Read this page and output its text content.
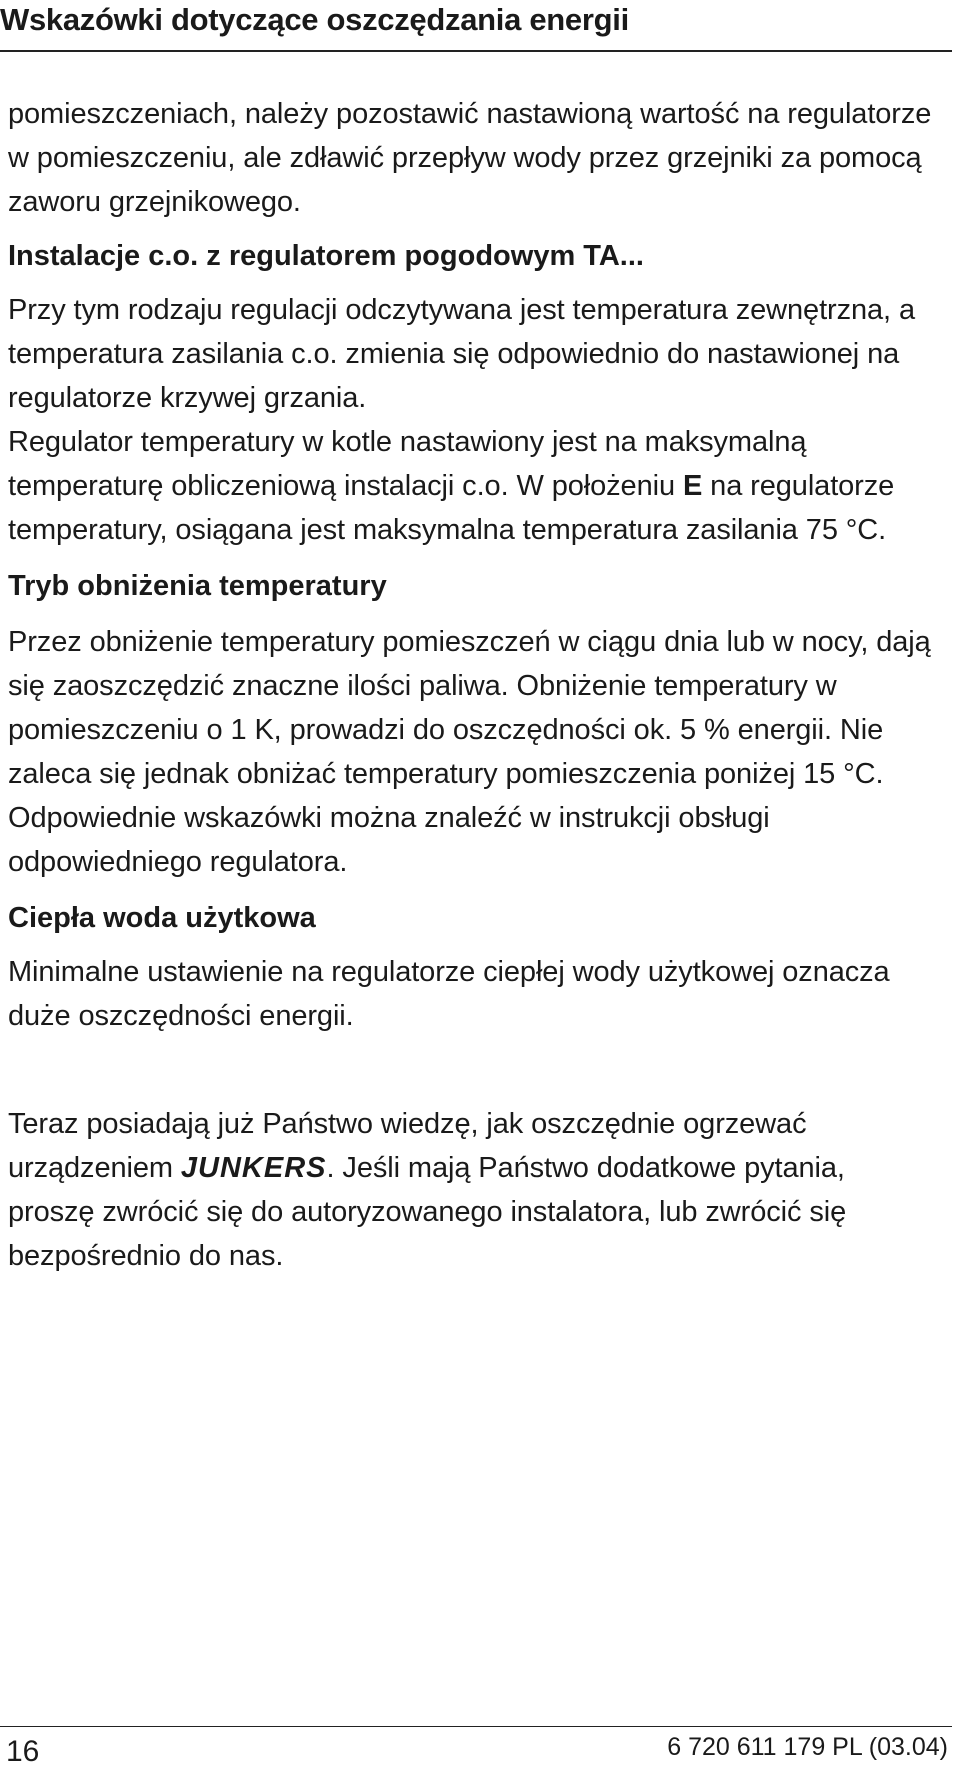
Wskazówki dotyczące oszczędzania energii

pomieszczeniach, należy pozostawić nastawioną wartość na regulatorze w pomieszczeniu, ale zdławić przepływ wody przez grzejniki za pomocą zaworu grzejnikowego.

Instalacje c.o. z regulatorem pogodowym TA...

Przy tym rodzaju regulacji odczytywana jest temperatura zewnętrzna, a temperatura zasilania c.o. zmienia się odpowiednio do nastawionej na regulatorze krzywej grzania.

Regulator temperatury w kotle nastawiony jest na maksymalną temperaturę obliczeniową instalacji c.o. W położeniu E na regulatorze temperatury, osiągana jest maksymalna temperatura zasilania 75 °C.

Tryb obniżenia temperatury

Przez obniżenie temperatury pomieszczeń w ciągu dnia lub w nocy, dają się zaoszczędzić znaczne ilości paliwa. Obniżenie temperatury w pomieszczeniu o 1 K, prowadzi do oszczędności ok. 5 % energii. Nie zaleca się jednak obniżać temperatury pomieszczenia poniżej 15 °C. Odpowiednie wskazówki można znaleźć w instrukcji obsługi odpowiedniego regulatora.

Ciepła woda użytkowa

Minimalne ustawienie na regulatorze ciepłej wody użytkowej oznacza duże oszczędności energii.

Teraz posiadają już Państwo wiedzę, jak oszczędnie ogrzewać urządzeniem JUNKERS. Jeśli mają Państwo dodatkowe pytania, proszę zwrócić się do autoryzowanego instalatora, lub zwrócić się bezpośrednio do nas.

16	6 720 611 179 PL (03.04)
